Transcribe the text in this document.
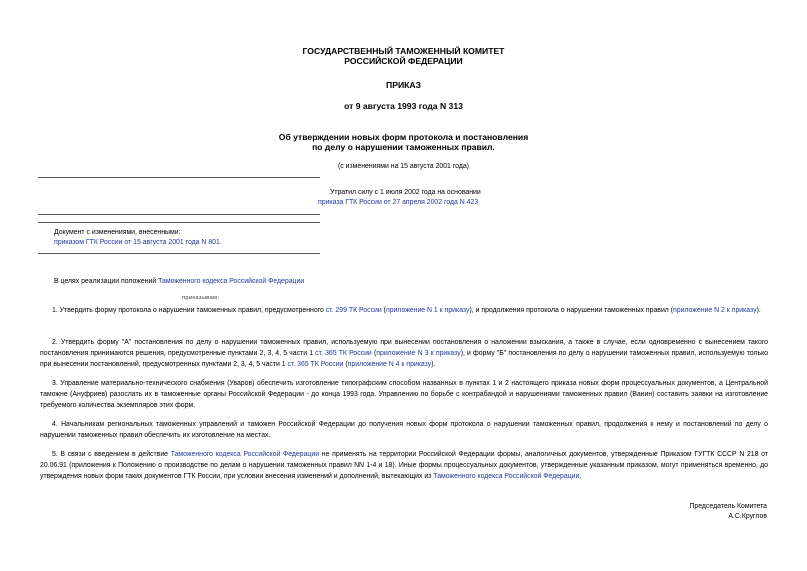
ГОСУДАРСТВЕННЫЙ ТАМОЖЕННЫЙ КОМИТЕТ
РОССИЙСКОЙ ФЕДЕРАЦИИ
ПРИКАЗ
от 9 августа 1993 года N 313
Об утверждении новых форм протокола и постановления
по делу о нарушении таможенных правил.
(с изменениями на 15 августа 2001 года)
Утратил силу с 1 июля 2002 года на основании
приказа ГТК России от 27 апреля 2002 года N 423
Документ с изменениями, внесенными:
приказом ГТК России от 15 августа 2001 года N 801.
В целях реализации положений Таможенного кодекса Российской Федерации
приказываю:
1. Утвердить форму протокола о нарушении таможенных правил, предусмотренного ст. 299 ТК России (приложение N 1 к приказу), и продолжения протокола о нарушении таможенных правил (приложение N 2 к приказу).
2. Утвердить форму "А" постановления по делу о нарушении таможенных правил, используемую при вынесении постановления о наложении взыскания, а также в случае, если одновременно с вынесением такого постановления принимаются решения, предусмотренные пунктами 2, 3, 4, 5 части 1 ст. 365 ТК России (приложение N 3 к приказу), и форму "Б" постановления по делу о нарушении таможенных правил, используемую только при вынесении постановлений, предусмотренных пунктами 2, 3, 4, 5 части 1 ст. 365 ТК России (приложение N 4 к приказу).
3. Управление материально-технического снабжения (Уваров) обеспечить изготовление типографским способом названных в пунктах 1 и 2 настоящего приказа новых форм процессуальных документов, а Центральной таможне (Ануфриев) разослать их в таможенные органы Российской Федерации - до конца 1993 года. Управлению по борьбе с контрабандой и нарушениями таможенных правил (Ванин) составить заявки на изготовление требуемого количества экземпляров этих форм.
4. Начальникам региональных таможенных управлений и таможен Российской Федерации до получения новых форм протокола о нарушении таможенных правил, продолжения к нему и постановлений по делу о нарушении таможенных правил обеспечить их изготовление на местах.
5. В связи с введением в действие Таможенного кодекса Российской Федерации не применять на территории Российской Федерации формы, аналогичных документов, утвержденные Приказом ГУГТК СССР N 218 от 20.06.91 (приложения к Положению о производстве по делам о нарушении таможенных правил NN 1-4 и 18). Иные формы процессуальных документов, утвержденные указанным приказом, могут применяться временно, до утверждения новых форм таких документов ГТК России, при условии внесения изменений и дополнений, вытекающих из Таможенного кодекса Российской Федерации.
Председатель Комитета
А.С.Круглов
